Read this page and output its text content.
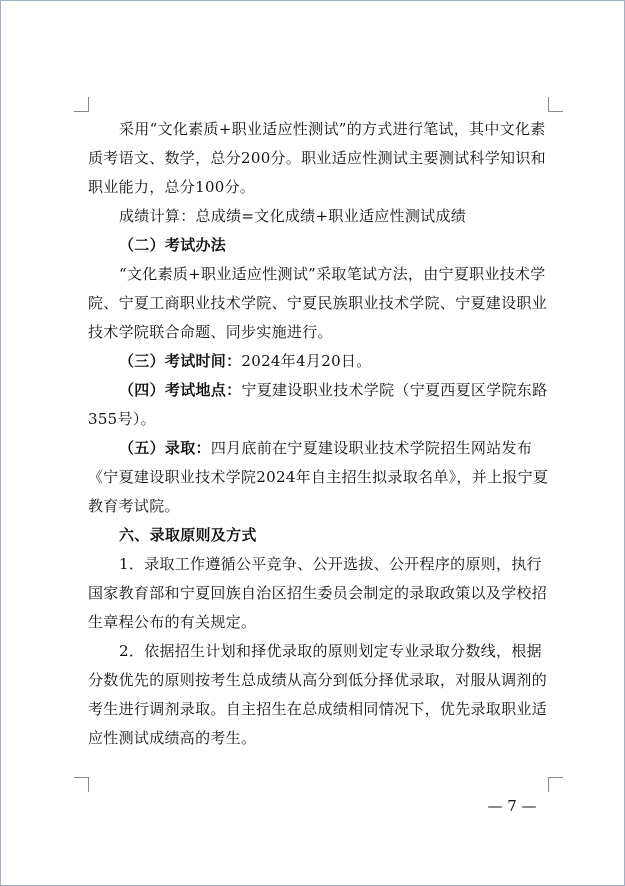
采用“文化素质+职业适应性测试”的方式进行笔试，其中文化素质考语文、数学，总分200分。职业适应性测试主要测试科学知识和职业能力，总分100分。

成绩计算：总成绩=文化成绩+职业适应性测试成绩

（二）考试办法

“文化素质+职业适应性测试”采取笔试方法，由宁夏职业技术学院、宁夏工商职业技术学院、宁夏民族职业技术学院、宁夏建设职业技术学院联合命题、同步实施进行。

（三）考试时间：2024年4月20日。

（四）考试地点：宁夏建设职业技术学院（宁夏西夏区学院东路355号）。

（五）录取：四月底前在宁夏建设职业技术学院招生网站发布《宁夏建设职业技术学院2024年自主招生拟录取名单》，并上报宁夏教育考试院。

六、录取原则及方式

1．录取工作遵循公平竞争、公开选拔、公开程序的原则，执行国家教育部和宁夏回族自治区招生委员会制定的录取政策以及学校招生章程公布的有关规定。

2．依据招生计划和择优录取的原则划定专业录取分数线，根据分数优先的原则按考生总成绩从高分到低分择优录取，对服从调剂的考生进行调剂录取。自主招生在总成绩相同情况下，优先录取职业适应性测试成绩高的考生。

— 7 —
